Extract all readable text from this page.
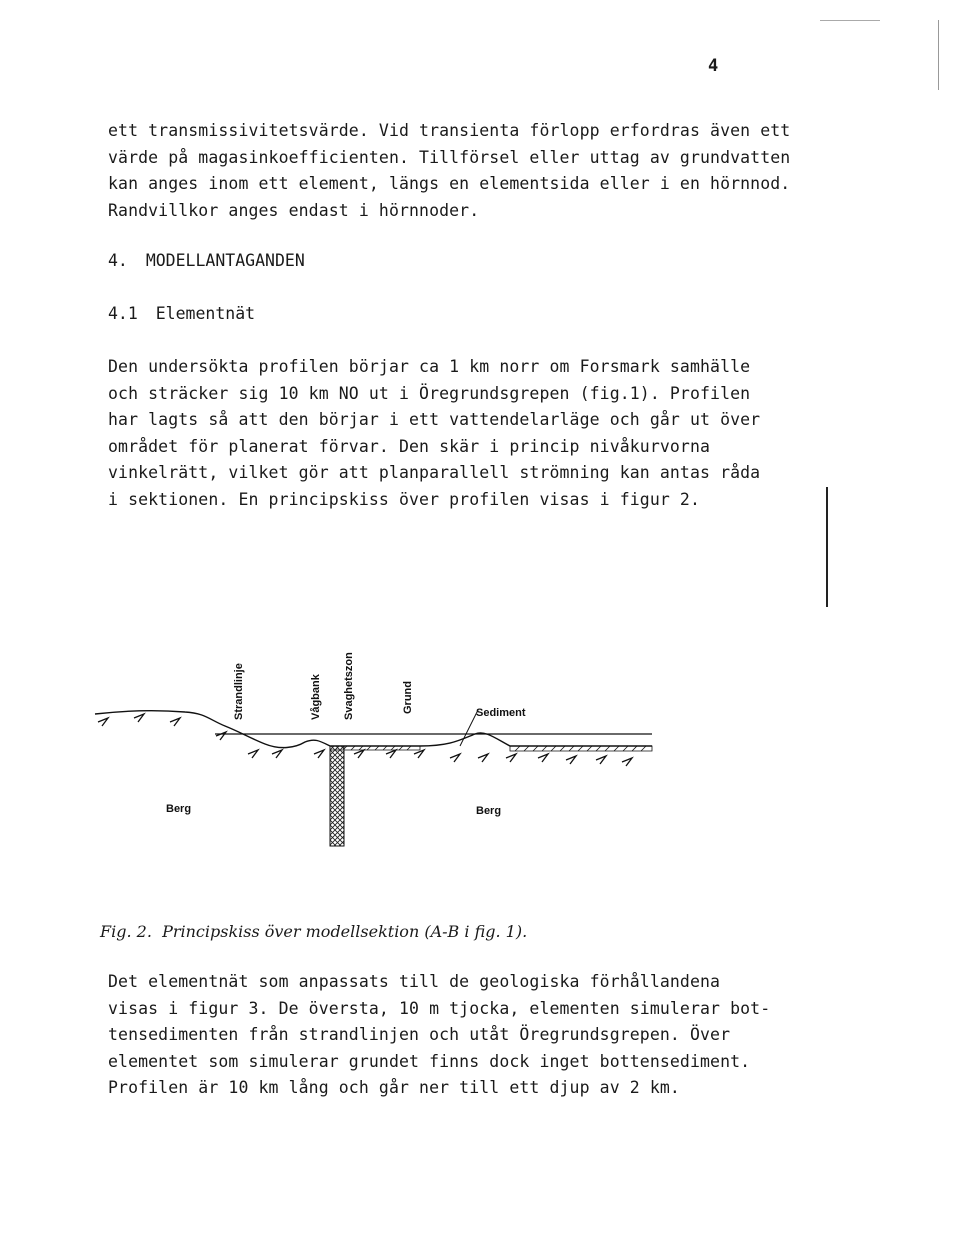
4
ett transmissivitetsvärde. Vid transienta förlopp erfordras även ett
värde på magasinkoefficienten. Tillförsel eller uttag av grundvatten
kan anges inom ett element, längs en elementsida eller i en hörnnod.
Randvillkor anges endast i hörnnoder.
4. MODELLANTAGANDEN
4.1 Elementnät
Den undersökta profilen börjar ca 1 km norr om Forsmark samhälle
och sträcker sig 10 km NO ut i Öregrundsgrepen (fig.1). Profilen
har lagts så att den börjar i ett vattendelarläge och går ut över
området för planerat förvar. Den skär i princip nivåkurvorna
vinkelrätt, vilket gör att planparallell strömning kan antas råda
i sektionen. En principskiss över profilen visas i figur 2.
Strandlinje	Vågbank Svaghetszon	Grund	Sediment
Berg	Berg
Fig. 2.  Principskiss över modellsektion (A-B i fig. 1).
Det elementnät som anpassats till de geologiska förhållandena
visas i figur 3. De översta, 10 m tjocka, elementen simulerar bot-
tensedimenten från strandlinjen och utåt Öregrundsgrepen. Över
elementet som simulerar grundet finns dock inget bottensediment.
Profilen är 10 km lång och går ner till ett djup av 2 km.
